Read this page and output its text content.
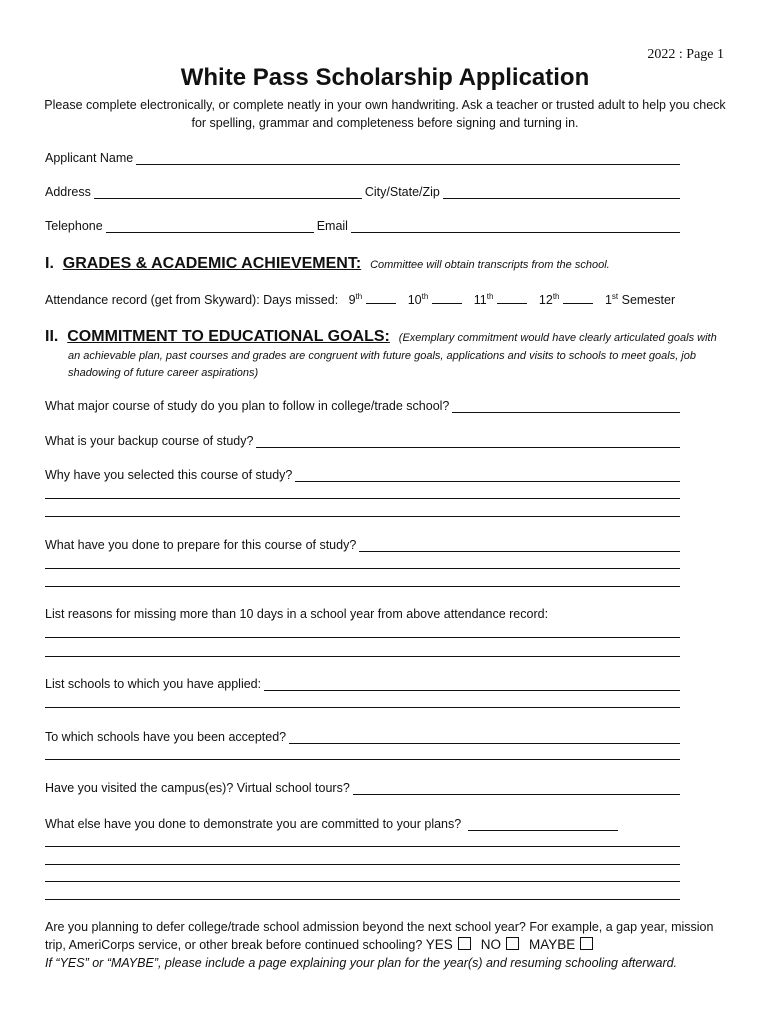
2022 : Page 1
White Pass Scholarship Application
Please complete electronically, or complete neatly in your own handwriting. Ask a teacher or trusted adult to help you check for spelling, grammar and completeness before signing and turning in.
Applicant Name
Address	City/State/Zip
Telephone	Email
I. GRADES & ACADEMIC ACHIEVEMENT: Committee will obtain transcripts from the school.
Attendance record (get from Skyward): Days missed: 9th	10th	11th	12th	1st Semester
II. COMMITMENT TO EDUCATIONAL GOALS: (Exemplary commitment would have clearly articulated goals with
an achievable plan, past courses and grades are congruent with future goals, applications and visits to schools to meet goals, job shadowing of future career aspirations)
What major course of study do you plan to follow in college/trade school?
What is your backup course of study?
Why have you selected this course of study?
What have you done to prepare for this course of study?
List reasons for missing more than 10 days in a school year from above attendance record:
List schools to which you have applied:
To which schools have you been accepted?
Have you visited the campus(es)? Virtual school tours?
What else have you done to demonstrate you are committed to your plans?
Are you planning to defer college/trade school admission beyond the next school year? For example, a gap year, mission trip, AmeriCorps service, or other break before continued schooling? YES NO MAYBE
If “YES” or “MAYBE”, please include a page explaining your plan for the year(s) and resuming schooling afterward.
